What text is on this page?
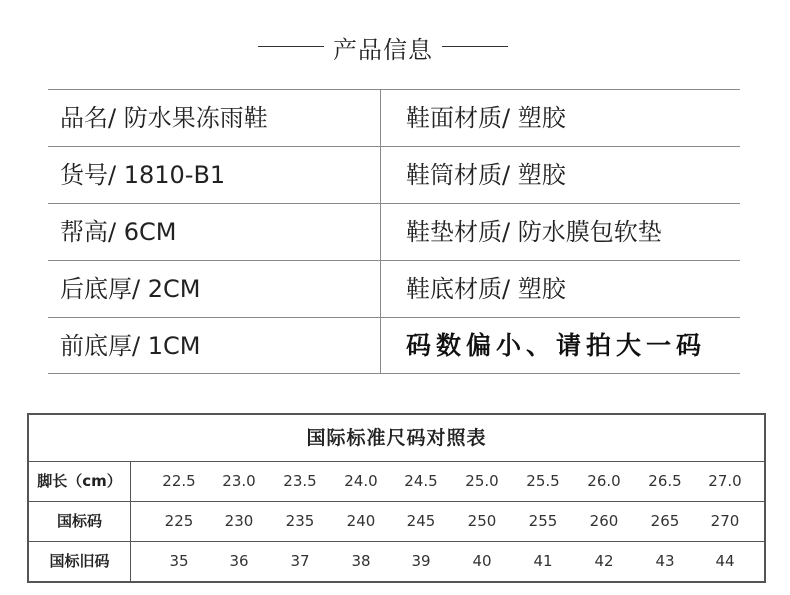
产品信息
品名/ 防水果冻雨鞋	鞋面材质/ 塑胶
货号/ 1810-B1	鞋筒材质/ 塑胶
帮高/ 6CM	鞋垫材质/ 防水膜包软垫
后底厚/ 2CM	鞋底材质/ 塑胶
前底厚/ 1CM	码数偏小、请拍大一码
国际标准尺码对照表
脚长（cm）	22.5	23.0	23.5	24.0	24.5	25.0	25.5	26.0	26.5	27.0
国标码	225	230	235	240	245	250	255	260	265	270
国标旧码	35	36	37	38	39	40	41	42	43	44
